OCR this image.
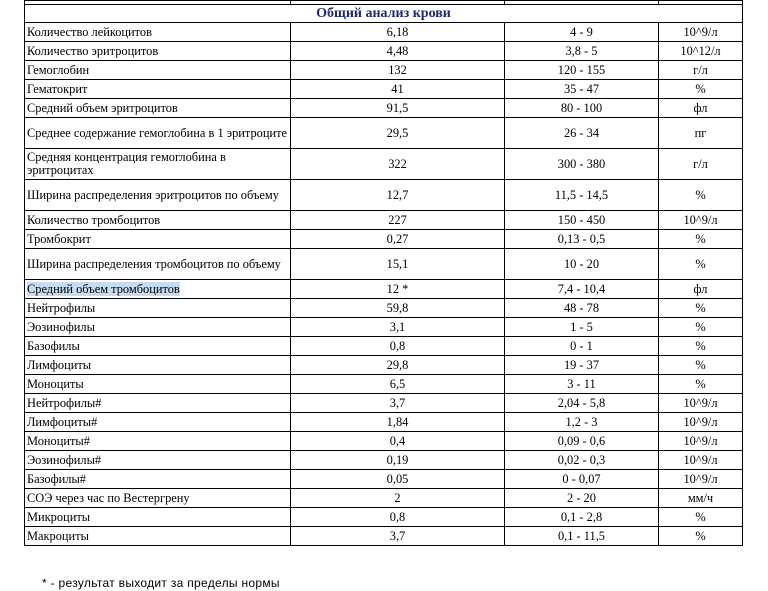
Общий анализ крови			
Количество лейкоцитов	6,18	4 - 9	10^9/л
Количество эритроцитов	4,48	3,8 - 5	10^12/л
Гемоглобин	132	120 - 155	г/л
Гематокрит	41	35 - 47	%
Средний объем эритроцитов	91,5	80 - 100	фл
Среднее содержание гемоглобина в 1 эритроците	29,5	26 - 34	пг
Средняя концентрация гемоглобина в эритроцитах	322	300 - 380	г/л
Ширина распределения эритроцитов по объему	12,7	11,5 - 14,5	%
Количество тромбоцитов	227	150 - 450	10^9/л
Тромбокрит	0,27	0,13 - 0,5	%
Ширина распределения тромбоцитов по объему	15,1	10 - 20	%
Средний объем тромбоцитов	12 *	7,4 - 10,4	фл
Нейтрофилы	59,8	48 - 78	%
Эозинофилы	3,1	1 - 5	%
Базофилы	0,8	0 - 1	%
Лимфоциты	29,8	19 - 37	%
Моноциты	6,5	3 - 11	%
Нейтрофилы#	3,7	2,04 - 5,8	10^9/л
Лимфоциты#	1,84	1,2 - 3	10^9/л
Моноциты#	0,4	0,09 - 0,6	10^9/л
Эозинофилы#	0,19	0,02 - 0,3	10^9/л
Базофилы#	0,05	0 - 0,07	10^9/л
СОЭ через час по Вестергрену	2	2 - 20	мм/ч
Микроциты	0,8	0,1 - 2,8	%
Макроциты	3,7	0,1 - 11,5	%
* - результат выходит за пределы нормы
